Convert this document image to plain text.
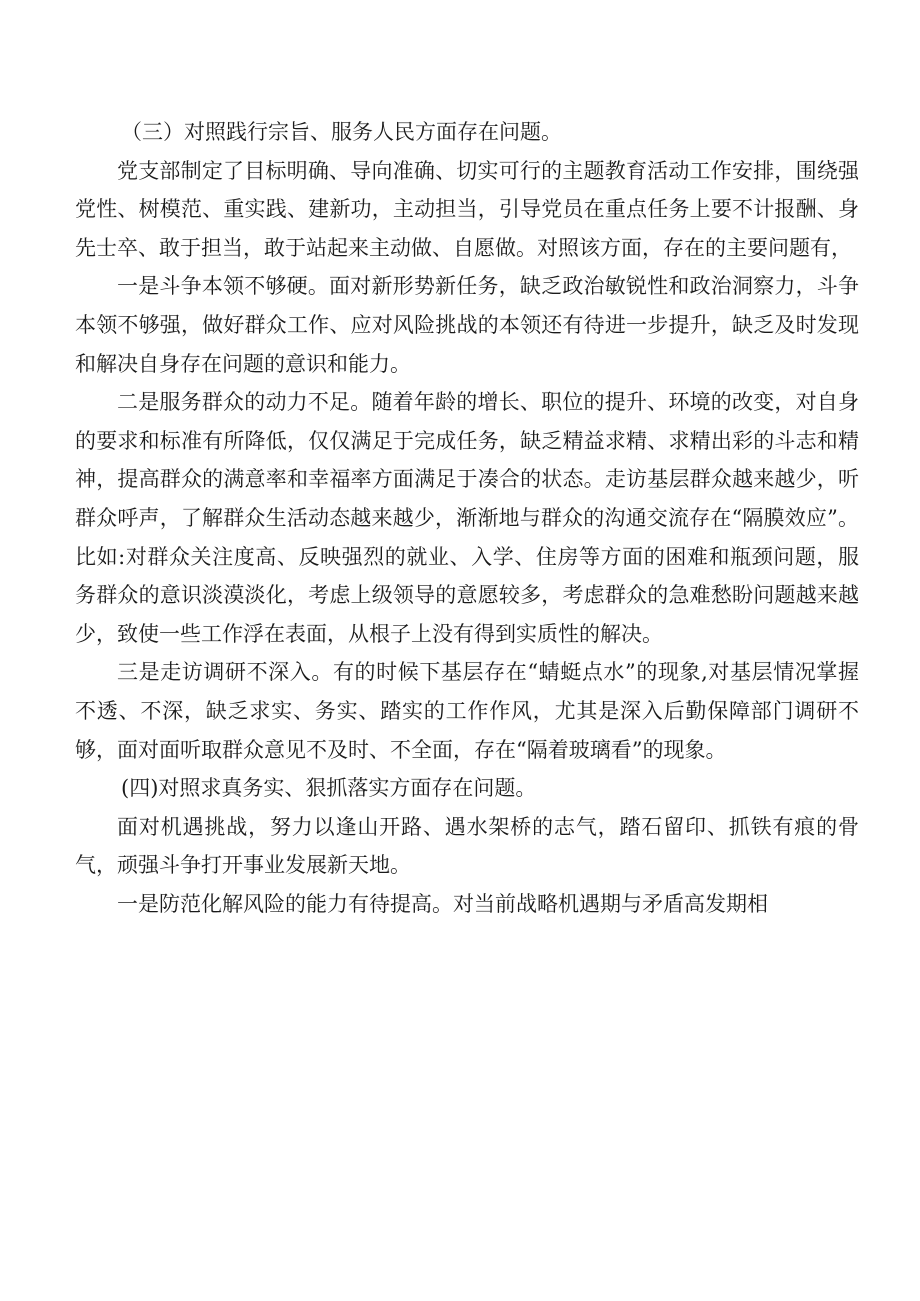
（三）对照践行宗旨、服务人民方面存在问题。

党支部制定了目标明确、导向准确、切实可行的主题教育活动工作安排，围绕强党性、树模范、重实践、建新功，主动担当，引导党员在重点任务上要不计报酬、身先士卒、敢于担当，敢于站起来主动做、自愿做。对照该方面，存在的主要问题有，

一是斗争本领不够硬。面对新形势新任务，缺乏政治敏锐性和政治洞察力，斗争本领不够强，做好群众工作、应对风险挑战的本领还有待进一步提升，缺乏及时发现和解决自身存在问题的意识和能力。

二是服务群众的动力不足。随着年龄的增长、职位的提升、环境的改变，对自身的要求和标准有所降低，仅仅满足于完成任务，缺乏精益求精、求精出彩的斗志和精神，提高群众的满意率和幸福率方面满足于凑合的状态。走访基层群众越来越少，听群众呼声，了解群众生活动态越来越少，渐渐地与群众的沟通交流存在“隔膜效应”。比如:对群众关注度高、反映强烈的就业、入学、住房等方面的困难和瓶颈问题，服务群众的意识淡漠淡化，考虑上级领导的意愿较多，考虑群众的急难愁盼问题越来越少，致使一些工作浮在表面，从根子上没有得到实质性的解决。

三是走访调研不深入。有的时候下基层存在“蜻蜓点水”的现象,对基层情况掌握不透、不深，缺乏求实、务实、踏实的工作作风，尤其是深入后勤保障部门调研不够，面对面听取群众意见不及时、不全面，存在“隔着玻璃看”的现象。

(四)对照求真务实、狠抓落实方面存在问题。

面对机遇挑战，努力以逢山开路、遇水架桥的志气，踏石留印、抓铁有痕的骨气，顽强斗争打开事业发展新天地。

一是防范化解风险的能力有待提高。对当前战略机遇期与矛盾高发期相
